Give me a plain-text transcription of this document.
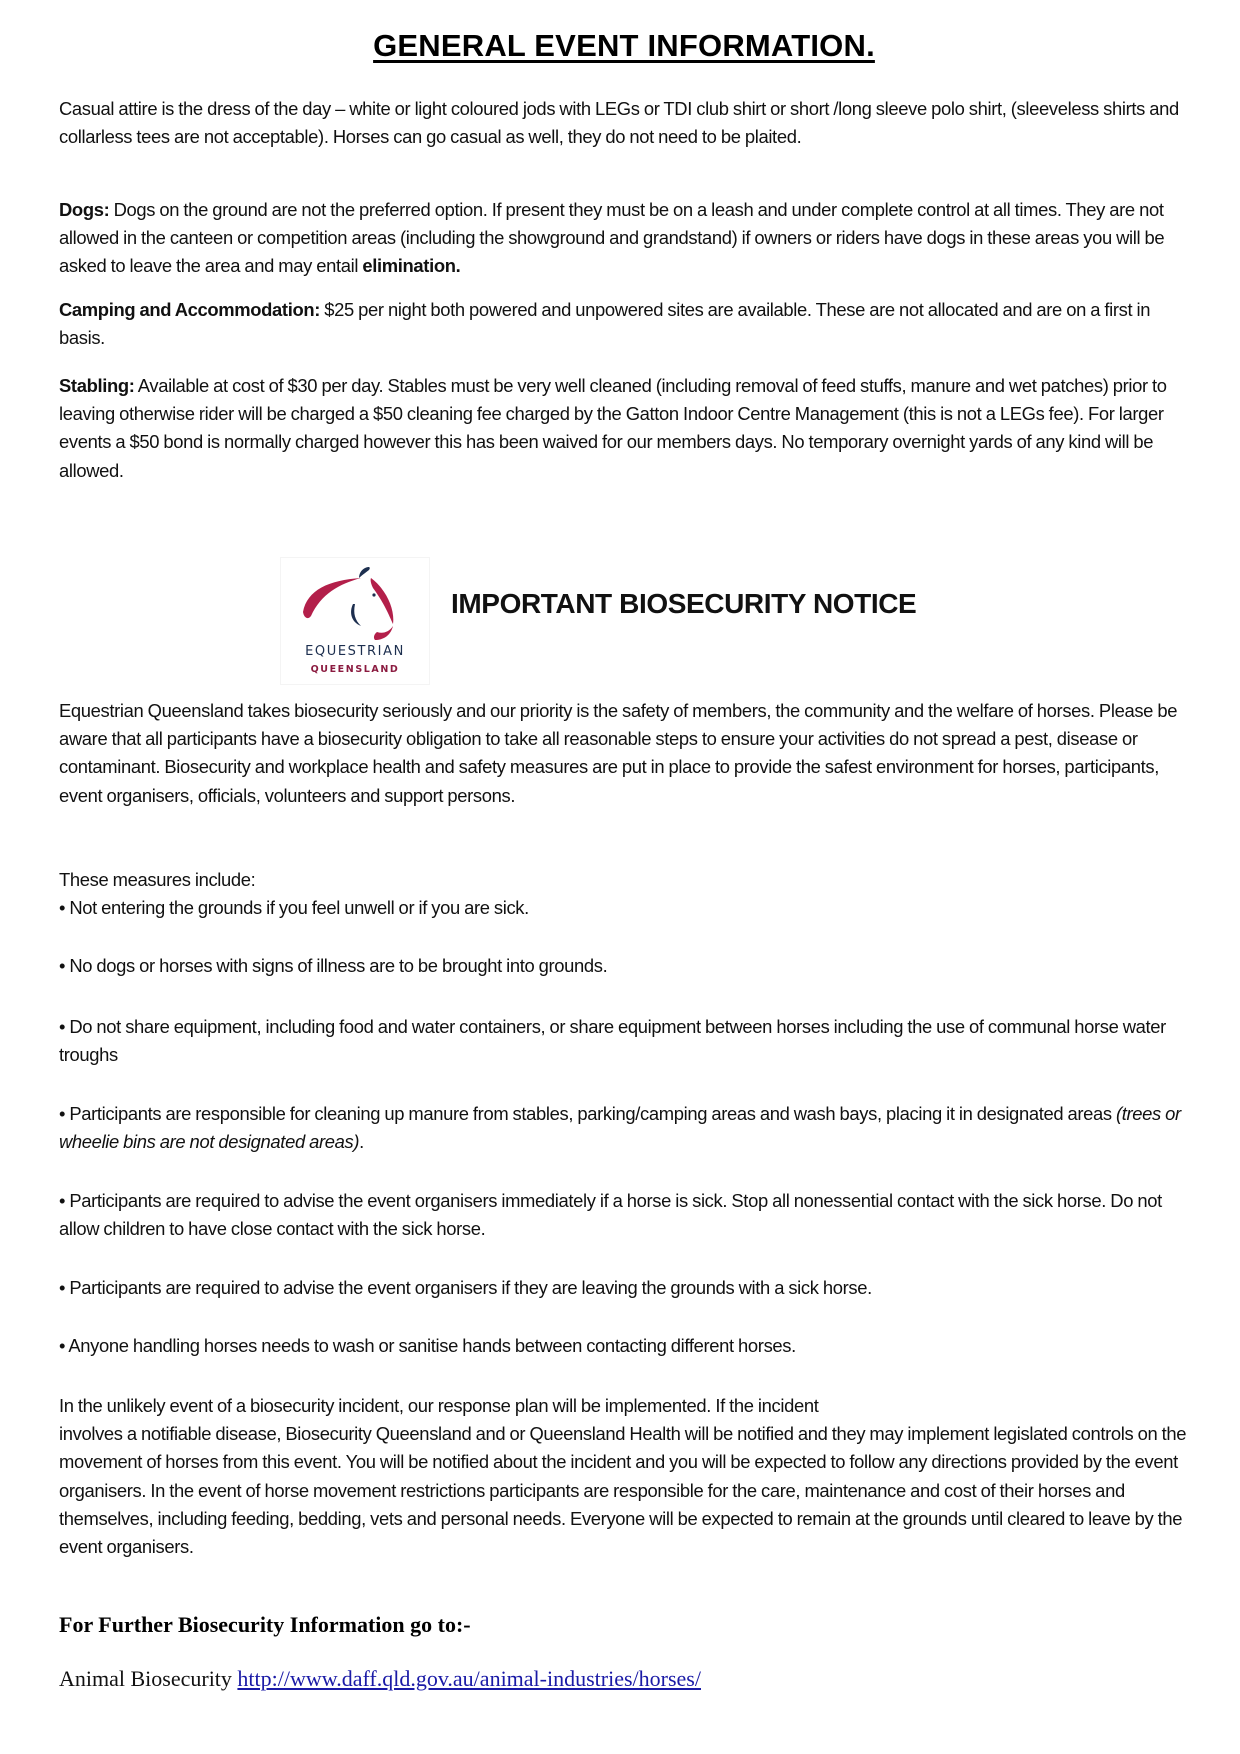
GENERAL EVENT INFORMATION.
Casual attire is the dress of the day – white or light coloured jods with LEGs or TDI club shirt or short /long sleeve polo shirt, (sleeveless shirts and collarless tees are not acceptable). Horses can go casual as well, they do not need to be plaited.
Dogs: Dogs on the ground are not the preferred option. If present they must be on a leash and under complete control at all times. They are not allowed in the canteen or competition areas (including the showground and grandstand) if owners or riders have dogs in these areas you will be asked to leave the area and may entail elimination.
Camping and Accommodation: $25 per night both powered and unpowered sites are available. These are not allocated and are on a first in basis.
Stabling: Available at cost of $30 per day. Stables must be very well cleaned (including removal of feed stuffs, manure and wet patches) prior to leaving otherwise rider will be charged a $50 cleaning fee charged by the Gatton Indoor Centre Management (this is not a LEGs fee). For larger events a $50 bond is normally charged however this has been waived for our members days. No temporary overnight yards of any kind will be allowed.
EQUESTRIAN
QUEENSLAND
IMPORTANT BIOSECURITY NOTICE
Equestrian Queensland takes biosecurity seriously and our priority is the safety of members, the community and the welfare of horses. Please be aware that all participants have a biosecurity obligation to take all reasonable steps to ensure your activities do not spread a pest, disease or contaminant. Biosecurity and workplace health and safety measures are put in place to provide the safest environment for horses, participants, event organisers, officials, volunteers and support persons.
These measures include:
• Not entering the grounds if you feel unwell or if you are sick.
• No dogs or horses with signs of illness are to be brought into grounds.
• Do not share equipment, including food and water containers, or share equipment between horses including the use of communal horse water troughs
• Participants are responsible for cleaning up manure from stables, parking/camping areas and wash bays, placing it in designated areas (trees or wheelie bins are not designated areas).
• Participants are required to advise the event organisers immediately if a horse is sick. Stop all nonessential contact with the sick horse. Do not allow children to have close contact with the sick horse.
• Participants are required to advise the event organisers if they are leaving the grounds with a sick horse.
• Anyone handling horses needs to wash or sanitise hands between contacting different horses.
In the unlikely event of a biosecurity incident, our response plan will be implemented. If the incident
involves a notifiable disease, Biosecurity Queensland and or Queensland Health will be notified and they may implement legislated controls on the movement of horses from this event. You will be notified about the incident and you will be expected to follow any directions provided by the event organisers. In the event of horse movement restrictions participants are responsible for the care, maintenance and cost of their horses and themselves, including feeding, bedding, vets and personal needs. Everyone will be expected to remain at the grounds until cleared to leave by the event organisers.
For Further Biosecurity Information go to:-
Animal Biosecurity http://www.daff.qld.gov.au/animal-industries/horses/
